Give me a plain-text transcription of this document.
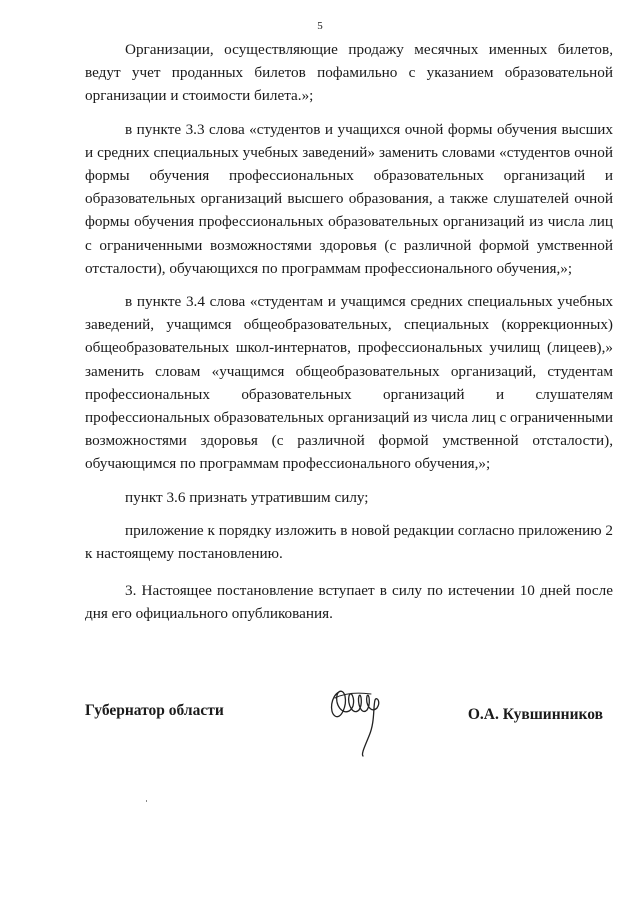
5

Организации, осуществляющие продажу месячных именных билетов, ведут учет проданных билетов пофамильно с указанием образовательной организации и стоимости билета.»;

в пункте 3.3 слова «студентов и учащихся очной формы обучения высших и средних специальных учебных заведений» заменить словами «студентов очной формы обучения профессиональных образовательных организаций и образовательных организаций высшего образования, а также слушателей очной формы обучения профессиональных образовательных организаций из числа лиц с ограниченными возможностями здоровья (с различной формой умственной отсталости), обучающихся по программам профессионального обучения,»;

в пункте 3.4 слова «студентам и учащимся средних специальных учебных заведений, учащимся общеобразовательных, специальных (коррекционных) общеобразовательных школ-интернатов, профессиональных училищ (лицеев),» заменить словам «учащимся общеобразовательных организаций, студентам профессиональных образовательных организаций и слушателям профессиональных образовательных организаций из числа лиц с ограниченными возможностями здоровья (с различной формой умственной отсталости), обучающимся по программам профессионального обучения,»;

пункт 3.6 признать утратившим силу;

приложение к порядку изложить в новой редакции согласно приложению 2 к настоящему постановлению.

3. Настоящее постановление вступает в силу по истечении 10 дней после дня его официального опубликования.

Губернатор области	О.А. Кувшинников
